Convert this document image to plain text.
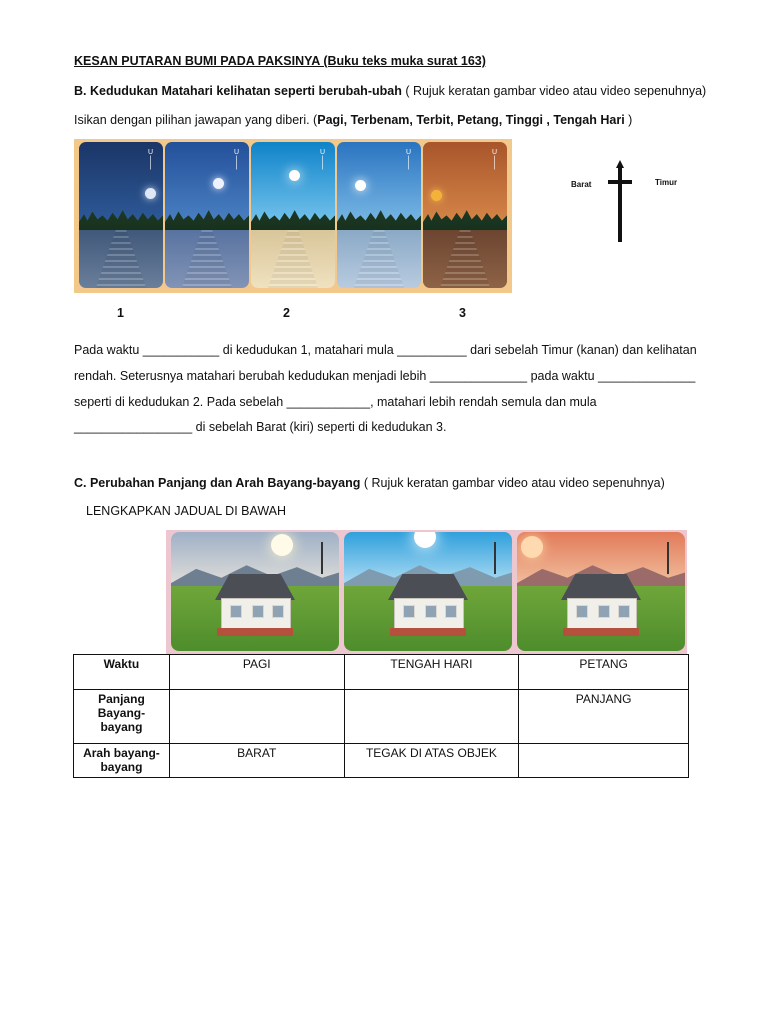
KESAN PUTARAN BUMI PADA PAKSINYA (Buku teks muka surat 163)
B. Kedudukan Matahari kelihatan seperti berubah-ubah ( Rujuk keratan gambar video atau video sepenuhnya)
Isikan dengan pilihan jawapan yang diberi. (Pagi, Terbenam, Terbit, Petang, Tinggi , Tengah Hari )
U
|
|
U
|
|
U
|
|
U
|
|
U
|
|
Barat	Timur
1	2	3
Pada waktu ___________ di kedudukan 1, matahari mula __________ dari sebelah Timur (kanan) dan kelihatan
rendah. Seterusnya matahari berubah kedudukan menjadi lebih ______________ pada waktu ______________
seperti di kedudukan 2. Pada sebelah ____________, matahari lebih rendah semula dan mula
_________________ di sebelah Barat (kiri) seperti di kedudukan 3.
C. Perubahan Panjang dan Arah Bayang-bayang ( Rujuk keratan gambar video atau video sepenuhnya)
LENGKAPKAN JADUAL DI BAWAH
Waktu	PAGI	TENGAH HARI	PETANG
Panjang Bayang-bayang			PANJANG
Arah bayang-bayang	BARAT	TEGAK DI ATAS OBJEK	
